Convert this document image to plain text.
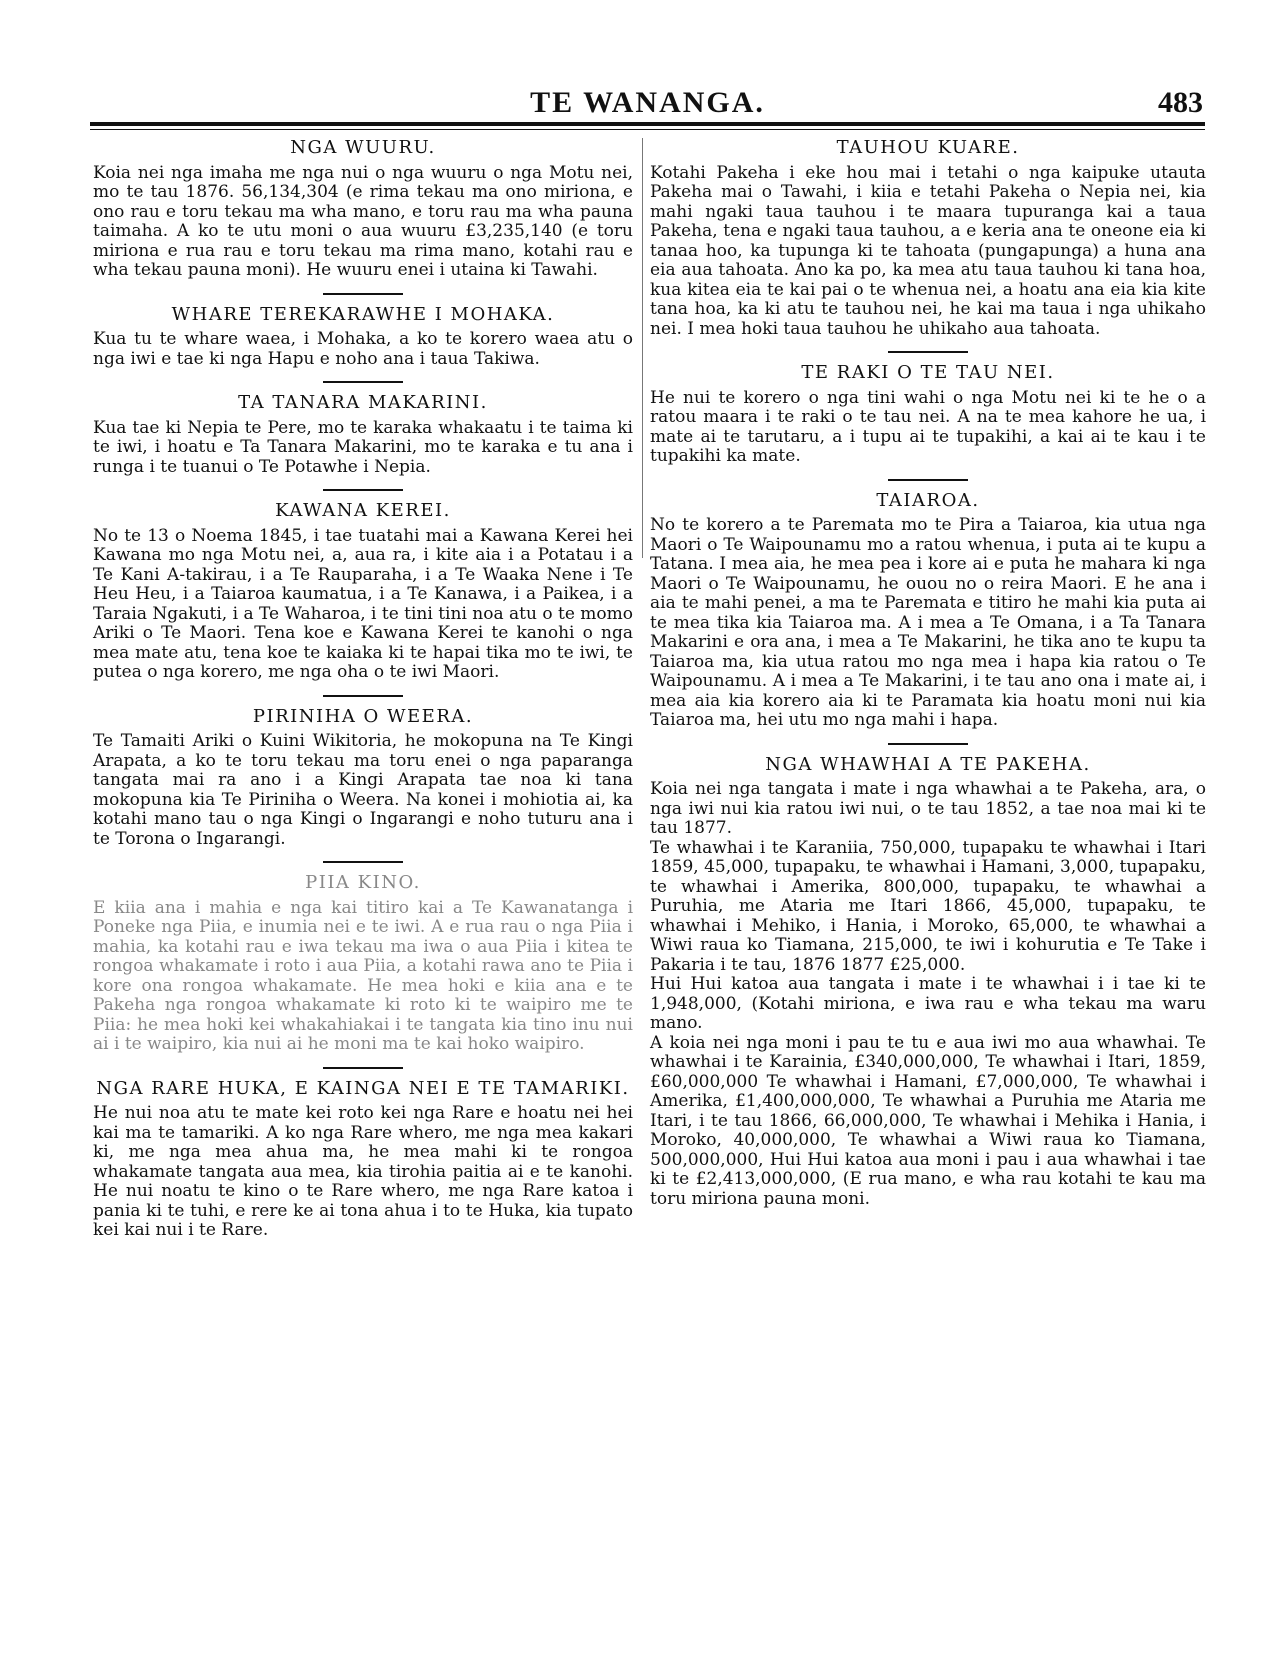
TE WANANGA.	483
NGA WUURU.

Koia nei nga imaha me nga nui o nga wuuru o nga Motu nei, mo te tau 1876. 56,134,304 (e rima tekau ma ono miriona, e ono rau e toru tekau ma wha mano, e toru rau ma wha pauna taimaha. A ko te utu moni o aua wuuru £3,235,140 (e toru miriona e rua rau e toru tekau ma rima mano, kotahi rau e wha tekau pauna moni). He wuuru enei i utaina ki Tawahi.

WHARE TEREKARAWHE I MOHAKA.

Kua tu te whare waea, i Mohaka, a ko te korero waea atu o nga iwi e tae ki nga Hapu e noho ana i taua Takiwa.

TA TANARA MAKARINI.

Kua tae ki Nepia te Pere, mo te karaka whakaatu i te taima ki te iwi, i hoatu e Ta Tanara Makarini, mo te karaka e tu ana i runga i te tuanui o Te Potawhe i Nepia.

KAWANA KEREI.

No te 13 o Noema 1845, i tae tuatahi mai a Kawana Kerei hei Kawana mo nga Motu nei, a, aua ra, i kite aia i a Potatau i a Te Kani A-takirau, i a Te Rauparaha, i a Te Waaka Nene i Te Heu Heu, i a Taiaroa kaumatua, i a Te Kanawa, i a Paikea, i a Taraia Ngakuti, i a Te Waharoa, i te tini tini noa atu o te momo Ariki o Te Maori. Tena koe e Kawana Kerei te kanohi o nga mea mate atu, tena koe te kaiaka ki te hapai tika mo te iwi, te putea o nga korero, me nga oha o te iwi Maori.

PIRINIHA O WEERA.

Te Tamaiti Ariki o Kuini Wikitoria, he mokopuna na Te Kingi Arapata, a ko te toru tekau ma toru enei o nga paparanga tangata mai ra ano i a Kingi Arapata tae noa ki tana mokopuna kia Te Piriniha o Weera. Na konei i mohiotia ai, ka kotahi mano tau o nga Kingi o Ingarangi e noho tuturu ana i te Torona o Ingarangi.

PIIA KINO.

E kiia ana i mahia e nga kai titiro kai a Te Kawanatanga i Poneke nga Piia, e inumia nei e te iwi. A e rua rau o nga Piia i mahia, ka kotahi rau e iwa tekau ma iwa o aua Piia i kitea te rongoa whakamate i roto i aua Piia, a kotahi rawa ano te Piia i kore ona rongoa whakamate. He mea hoki e kiia ana e te Pakeha nga rongoa whakamate ki roto ki te waipiro me te Piia: he mea hoki kei whakahiakai i te tangata kia tino inu nui ai i te waipiro, kia nui ai he moni ma te kai hoko waipiro.

NGA RARE HUKA, E KAINGA NEI E TE TAMARIKI.

He nui noa atu te mate kei roto kei nga Rare e hoatu nei hei kai ma te tamariki. A ko nga Rare whero, me nga mea kakari ki, me nga mea ahua ma, he mea mahi ki te rongoa whakamate tangata aua mea, kia tirohia paitia ai e te kanohi. He nui noatu te kino o te Rare whero, me nga Rare katoa i pania ki te tuhi, e rere ke ai tona ahua i to te Huka, kia tupato kei kai nui i te Rare.

TAUHOU KUARE.

Kotahi Pakeha i eke hou mai i tetahi o nga kaipuke utauta Pakeha mai o Tawahi, i kiia e tetahi Pakeha o Nepia nei, kia mahi ngaki taua tauhou i te maara tupuranga kai a taua Pakeha, tena e ngaki taua tauhou, a e keria ana te oneone eia ki tanaa hoo, ka tupunga ki te tahoata (pungapunga) a huna ana eia aua tahoata. Ano ka po, ka mea atu taua tauhou ki tana hoa, kua kitea eia te kai pai o te whenua nei, a hoatu ana eia kia kite tana hoa, ka ki atu te tauhou nei, he kai ma taua i nga uhikaho nei. I mea hoki taua tauhou he uhikaho aua tahoata.

TE RAKI O TE TAU NEI.

He nui te korero o nga tini wahi o nga Motu nei ki te he o a ratou maara i te raki o te tau nei. A na te mea kahore he ua, i mate ai te tarutaru, a i tupu ai te tupakihi, a kai ai te kau i te tupakihi ka mate.

TAIAROA.

No te korero a te Paremata mo te Pira a Taiaroa, kia utua nga Maori o Te Waipounamu mo a ratou whenua, i puta ai te kupu a Tatana. I mea aia, he mea pea i kore ai e puta he mahara ki nga Maori o Te Waipounamu, he ouou no o reira Maori. E he ana i aia te mahi penei, a ma te Paremata e titiro he mahi kia puta ai te mea tika kia Taiaroa ma. A i mea a Te Omana, i a Ta Tanara Makarini e ora ana, i mea a Te Makarini, he tika ano te kupu ta Taiaroa ma, kia utua ratou mo nga mea i hapa kia ratou o Te Waipounamu. A i mea a Te Makarini, i te tau ano ona i mate ai, i mea aia kia korero aia ki te Paramata kia hoatu moni nui kia Taiaroa ma, hei utu mo nga mahi i hapa.

NGA WHAWHAI A TE PAKEHA.

Koia nei nga tangata i mate i nga whawhai a te Pakeha, ara, o nga iwi nui kia ratou iwi nui, o te tau 1852, a tae noa mai ki te tau 1877.

Te whawhai i te Karaniia, 750,000, tupapaku te whawhai i Itari 1859, 45,000, tupapaku, te whawhai i Hamani, 3,000, tupapaku, te whawhai i Amerika, 800,000, tupapaku, te whawhai a Puruhia, me Ataria me Itari 1866, 45,000, tupapaku, te whawhai i Mehiko, i Hania, i Moroko, 65,000, te whawhai a Wiwi raua ko Tiamana, 215,000, te iwi i kohurutia e Te Take i Pakaria i te tau, 1876 1877 £25,000.

Hui Hui katoa aua tangata i mate i te whawhai i i tae ki te 1,948,000, (Kotahi miriona, e iwa rau e wha tekau ma waru mano.

A koia nei nga moni i pau te tu e aua iwi mo aua whawhai. Te whawhai i te Karainia, £340,000,000, Te whawhai i Itari, 1859, £60,000,000 Te whawhai i Hamani, £7,000,000, Te whawhai i Amerika, £1,400,000,000, Te whawhai a Puruhia me Ataria me Itari, i te tau 1866, 66,000,000, Te whawhai i Mehika i Hania, i Moroko, 40,000,000, Te whawhai a Wiwi raua ko Tiamana, 500,000,000, Hui Hui katoa aua moni i pau i aua whawhai i tae ki te £2,413,000,000, (E rua mano, e wha rau kotahi te kau ma toru miriona pauna moni.
